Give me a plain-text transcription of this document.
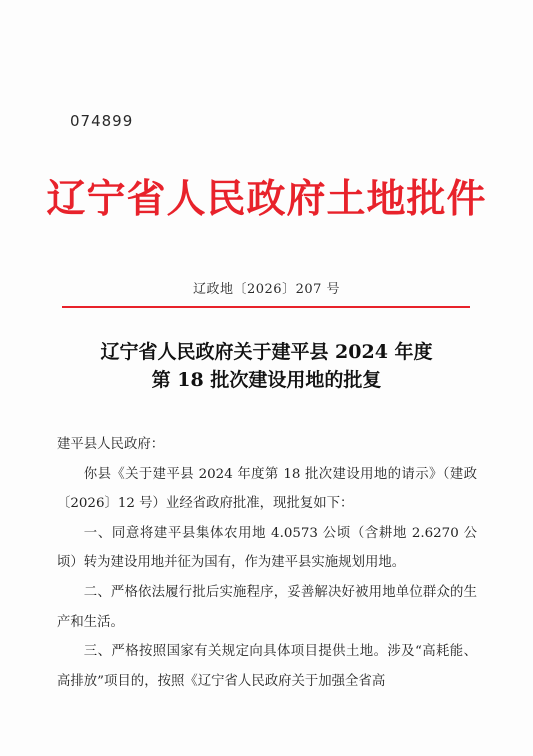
074899
辽宁省人民政府土地批件
辽政地〔2026〕207 号
辽宁省人民政府关于建平县 2024 年度
第 18 批次建设用地的批复

建平县人民政府：

你县《关于建平县 2024 年度第 18 批次建设用地的请示》（建政〔2026〕12 号）业经省政府批准，现批复如下：

一、同意将建平县集体农用地 4.0573 公顷（含耕地 2.6270 公顷）转为建设用地并征为国有，作为建平县实施规划用地。

二、严格依法履行批后实施程序，妥善解决好被用地单位群众的生产和生活。

三、严格按照国家有关规定向具体项目提供土地。涉及“高耗能、高排放”项目的，按照《辽宁省人民政府关于加强全省高
